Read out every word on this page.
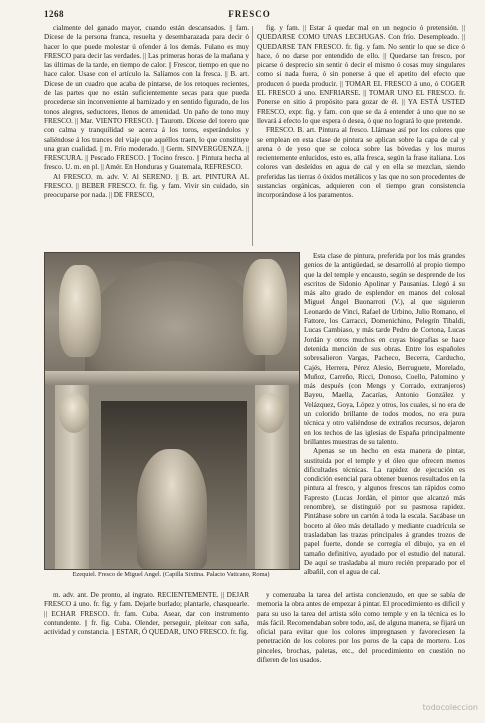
1268	FRESCO

cialmente del ganado mayor, cuando están descansados. || fam. Dícese de la persona franca, resuelta y desembarazada para decir ó hacer lo que puede molestar ú ofender á los demás. Fulano es muy FRESCO para decir las verdades. || Las primeras horas de la mañana y las últimas de la tarde, en tiempo de calor. || Frescor, tiempo en que no hace calor. Usase con el artículo la. Salíamos con la fresca. || B. art. Dícese de un cuadro que acaba de pintarse, de los retoques recientes, de las partes que no están suficientemente secas para que pueda procederse sin inconveniente al barnizado y en sentido figurado, de los tonos alegres, seductores, llenos de amenidad. Un paño de tono muy FRESCO. || Mar. VIENTO FRESCO. || Taurom. Dícese del torero que con calma y tranquilidad se acerca á los toros, esperándolos y saliéndose á los trances del viaje que aquéllos traen, lo que constituye una gran cualidad. || m. Frío moderado. || Germ. SINVERGÜENZA. || FRESCURA. || Pescado FRESCO. || Tocino fresco. || Pintura hecha al fresco. U. m. en pl. || Amér. En Honduras y Guatemala, REFRESCO.

Al FRESCO. m. adv. V. Al SERENO. || B. art. PINTURA AL FRESCO. || BEBER FRESCO. fr. fig. y fam. Vivir sin cuidado, sin preocuparse por nada. || DE FRESCO,

fig. y fam. || Estar á quedar mal en un negocio ó pretensión. || QUEDARSE COMO UNAS LECHUGAS. Con frío. Desempleado. || QUEDARSE TAN FRESCO. fr. fig. y fam. No sentir lo que se dice ó hace, ó no darse por entendido de ello. || Quedarse tan fresco, por picarse ó desprecio sin sentir ó decir el mismo ó cosas muy singulares como si nada fuera, ó sin ponerse á que el apetito del efecto que producen ó pueda producir. || TOMAR EL FRESCO á uno, ó COGER EL FRESCO á uno. ENFRIARSE. || TOMAR UNO EL FRESCO. fr. Ponerse en sitio á propósito para gozar de él. || YA ESTÁ USTED FRESCO, expr. fig. y fam. con que se da á entender á uno que no se llevará á efecto lo que espera ó desea, ó que no logrará lo que pretende.

FRESCO. B. art. Pintura al fresco. Llámase así por los colores que se emplean en esta clase de pintura se aplican sobre la capa de cal y arena ó de yeso que se coloca sobre las bóvedas y los muros recientemente enlucidos, esto es, alla fresca, según la frase italiana. Los colores van desleídos en agua de cal y en ella se mezclan, siendo preferidas las tierras ó óxidos metálicos y las que no son procedentes de sustancias orgánicas, adquieren con el tiempo gran consistencia incorporándose á los paramentos.

Ezequiel. Fresco de Miguel Angel. (Capilla Sixtina. Palacio Vaticano, Roma)

Esta clase de pintura, preferida por los más grandes genios de la antigüedad, se desarrolló al propio tiempo que la del temple y encausto, según se desprende de los escritos de Sidonio Apolinar y Pausanias. Llegó á su más alto grado de esplendor en manos del colosal Miguel Ángel Buonarroti (V.), al que siguieron Leonardo de Vinci, Rafael de Urbino, Julio Romano, el Fattore, los Carracci, Domenichino, Pelegrín Tibaldi, Lucas Cambiaso, y más tarde Pedro de Cortona, Lucas Jordán y otros muchos en cuyas biografías se hace detenida mención de sus obras. Entre los españoles sobresalieron Vargas, Pacheco, Becerra, Carducho, Cajés, Herrera, Pérez Alesio, Berruguete, Morelado, Muñoz, Carreño, Ricci, Donoso, Coello, Palomino y más después (con Mengs y Corrado, extranjeros) Bayeu, Maella, Zacarías, Antonio González y Velázquez, Goya, López y otros, los cuales, si no era de un colorido brillante de todos modos, no era pura técnica y otro valiéndose de extraños recursos, dejaron en los techos de las iglesias de España principalmente brillantes muestras de su talento.

Apenas se un hecho en esta manera de pintar, sustituida por el temple y el óleo que ofrecen menos dificultades técnicas. La rapidez de ejecución es condición esencial para obtener buenos resultados en la pintura al fresco, y algunos frescos tan rápidos como Fapresto (Lucas Jordán, el pintor que alcanzó más renombre), se distinguió por su pasmosa rapidez. Pintábase sobre un cartón á toda la escala. Sacábase un boceto al óleo más detallado y mediante cuadrícula se trasladaban las trazas principales á grandes trozos de papel fuerte, donde se corregía el dibujo, ya en el tamaño definitivo, ayudado por el estudio del natural. De aquí se trasladaba al muro recién preparado por el albañil, con el agua de cal.

m. adv. ant. De pronto, al ingrato. RECIENTEMENTE. || DEJAR FRESCO á uno. fr. fig. y fam. Dejarle burlado; plantarle, chasquearle. || ECHAR FRESCO. fr. fam. Cuba. Asear, dar con instrumento contundente. || fr. fig. Cuba. Olender, perseguir, pleitear con saña, actividad y constancia. || ESTAR, Ó QUEDAR, UNO FRESCO. fr. fig.

y comenzaba la tarea del artista concienzudo, en que se sabía de memoria la obra antes de empezar á pintar. El procedimiento es difícil y para su uso la tarea del artista sólo como temple y en la técnica es lo más fácil. Recomendaban sobre todo, así, de alguna manera, se fijará un oficial para evitar que los colores impregnasen y favoreciesen la penetración de los colores por los poros de la capa de mortero. Los pinceles, brochas, paletas, etc., del procedimiento en cuestión no difieren de los usados.

todocoleccion
